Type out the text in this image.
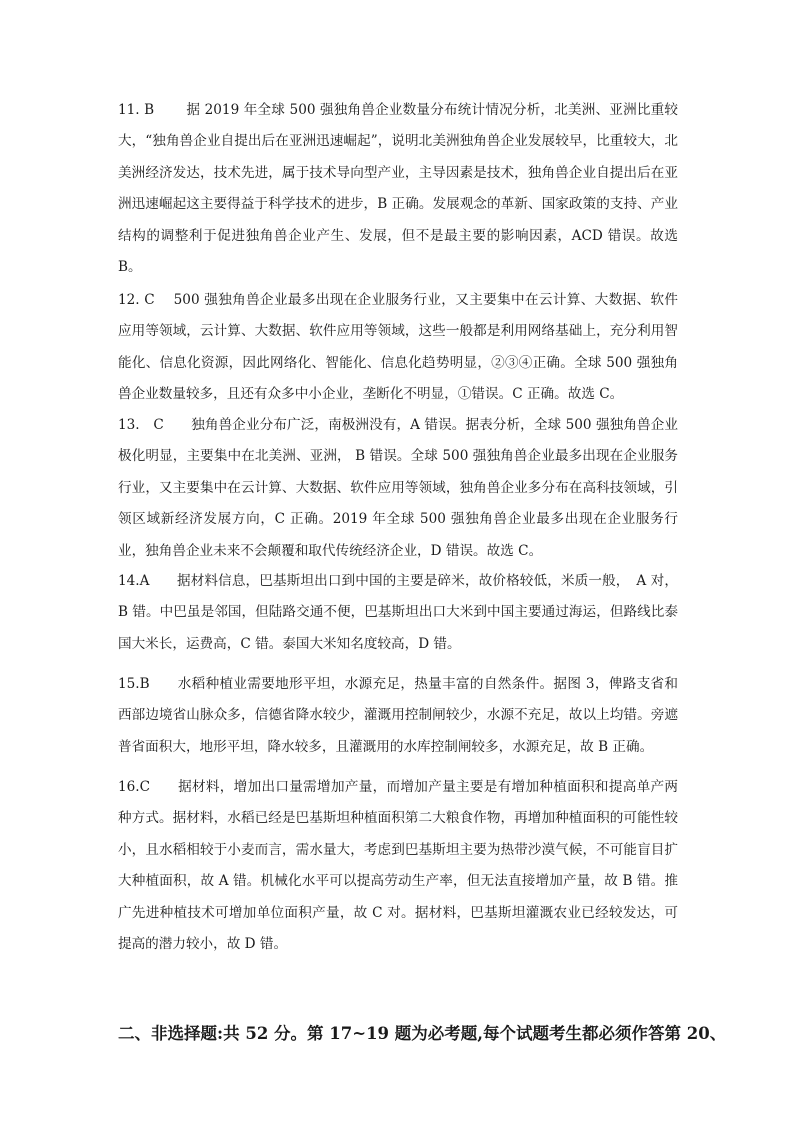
11. B　　 据 2019 年全球 500 强独角兽企业数量分布统计情况分析，北美洲、亚洲比重较大，“独角兽企业自提出后在亚洲迅速崛起”，说明北美洲独角兽企业发展较早，比重较大，北美洲经济发达，技术先进，属于技术导向型产业，主导因素是技术，独角兽企业自提出后在亚洲迅速崛起这主要得益于科学技术的进步，B 正确。发展观念的革新、国家政策的支持、产业结构的调整利于促进独角兽企业产生、发展，但不是最主要的影响因素，ACD 错误。故选 B。

12. C　 500 强独角兽企业最多出现在企业服务行业，又主要集中在云计算、大数据、软件应用等领域，云计算、大数据、软件应用等领域，这些一般都是利用网络基础上，充分利用智能化、信息化资源，因此网络化、智能化、信息化趋势明显，②③④正确。全球 500 强独角兽企业数量较多，且还有众多中小企业，垄断化不明显，①错误。C 正确。故选 C。

13.　C　　独角兽企业分布广泛，南极洲没有，A 错误。据表分析，全球 500 强独角兽企业极化明显，主要集中在北美洲、亚洲， B 错误。全球 500 强独角兽企业最多出现在企业服务行业，又主要集中在云计算、大数据、软件应用等领域，独角兽企业多分布在高科技领域，引领区域新经济发展方向，C 正确。2019 年全球 500 强独角兽企业最多出现在企业服务行业，独角兽企业未来不会颠覆和取代传统经济企业，D 错误。故选 C。

14.A　　据材料信息，巴基斯坦出口到中国的主要是碎米，故价格较低，米质一般，　A 对，B 错。中巴虽是邻国，但陆路交通不便，巴基斯坦出口大米到中国主要通过海运，但路线比泰国大米长，运费高，C 错。泰国大米知名度较高，D 错。

15.B　　水稻种植业需要地形平坦，水源充足，热量丰富的自然条件。据图 3，俾路支省和西部边境省山脉众多，信德省降水较少，灌溉用控制闸较少，水源不充足，故以上均错。旁遮普省面积大，地形平坦，降水较多，且灌溉用的水库控制闸较多，水源充足，故 B 正确。

16.C　　据材料，增加出口量需增加产量，而增加产量主要是有增加种植面积和提高单产两种方式。据材料，水稻已经是巴基斯坦种植面积第二大粮食作物，再增加种植面积的可能性较小，且水稻相较于小麦而言，需水量大，考虑到巴基斯坦主要为热带沙漠气候，不可能盲目扩大种植面积，故 A 错。机械化水平可以提高劳动生产率，但无法直接增加产量，故 B 错。推广先进种植技术可增加单位面积产量，故 C 对。据材料，巴基斯坦灌溉农业已经较发达，可提高的潜力较小，故 D 错。

二、非选择题:共 52 分。第 17~19 题为必考题,每个试题考生都必须作答第 20、
